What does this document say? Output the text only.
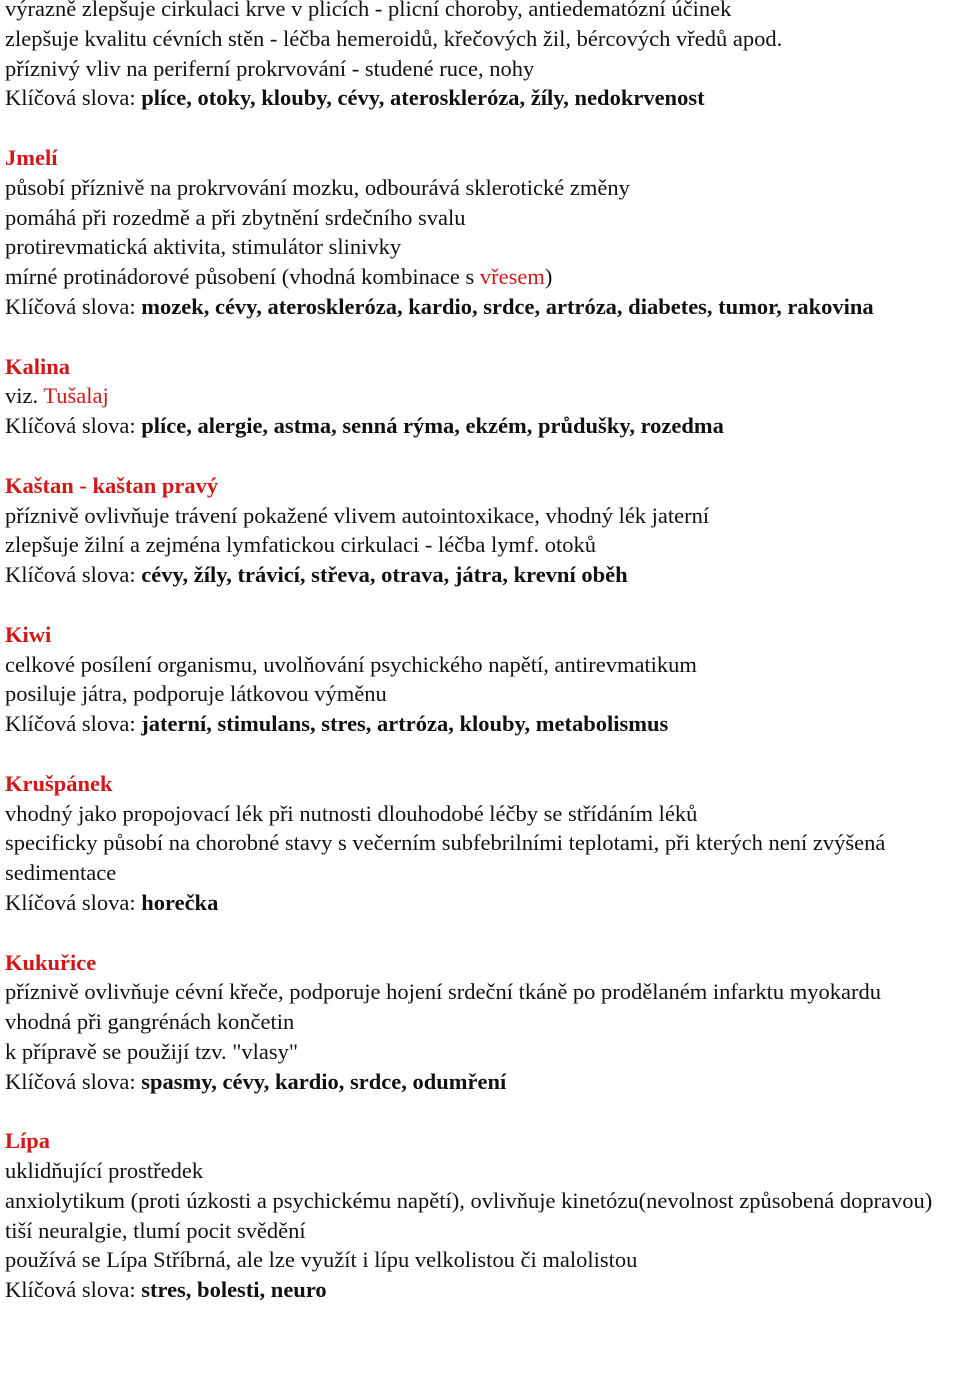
výrazně zlepšuje cirkulaci krve v plicích - plicní choroby, antiedematózní účinek

zlepšuje kvalitu cévních stěn - léčba hemeroidů, křečových žil, bércových vředů apod.

příznivý vliv na periferní prokrvování - studené ruce, nohy

Klíčová slova: plíce, otoky, klouby, cévy, ateroskleróza, žíly, nedokrvenost

Jmelí

působí příznivě na prokrvování mozku, odbourává sklerotické změny

pomáhá při rozedmě a při zbytnění srdečního svalu

protirevmatická aktivita, stimulátor slinivky

mírné protinádorové působení (vhodná kombinace s vřesem)

Klíčová slova: mozek, cévy, ateroskleróza, kardio, srdce, artróza, diabetes, tumor, rakovina

Kalina

viz. Tušalaj

Klíčová slova: plíce, alergie, astma, senná rýma, ekzém, průdušky, rozedma

Kaštan - kaštan pravý

příznivě ovlivňuje trávení pokažené vlivem autointoxikace, vhodný lék jaterní

zlepšuje žilní a zejména lymfatickou cirkulaci - léčba lymf. otoků

Klíčová slova: cévy, žíly, trávicí, střeva, otrava, játra, krevní oběh

Kiwi

celkové posílení organismu, uvolňování psychického napětí, antirevmatikum

posiluje játra, podporuje látkovou výměnu

Klíčová slova: jaterní, stimulans, stres, artróza, klouby, metabolismus

Krušpánek

vhodný jako propojovací lék při nutnosti dlouhodobé léčby se střídáním léků

specificky působí na chorobné stavy s večerním subfebrilními teplotami, při kterých není zvýšená sedimentace

Klíčová slova: horečka

Kukuřice

příznivě ovlivňuje cévní křeče, podporuje hojení srdeční tkáně po prodělaném infarktu myokardu

vhodná při gangrénách končetin

k přípravě se použijí tzv. "vlasy"

Klíčová slova: spasmy, cévy, kardio, srdce, odumření

Lípa

uklidňující prostředek

anxiolytikum (proti úzkosti a psychickému napětí), ovlivňuje kinetózu(nevolnost způsobená dopravou)

tiší neuralgie, tlumí pocit svědění

používá se Lípa Stříbrná, ale lze využít i lípu velkolistou či malolistou

Klíčová slova: stres, bolesti, neuro
